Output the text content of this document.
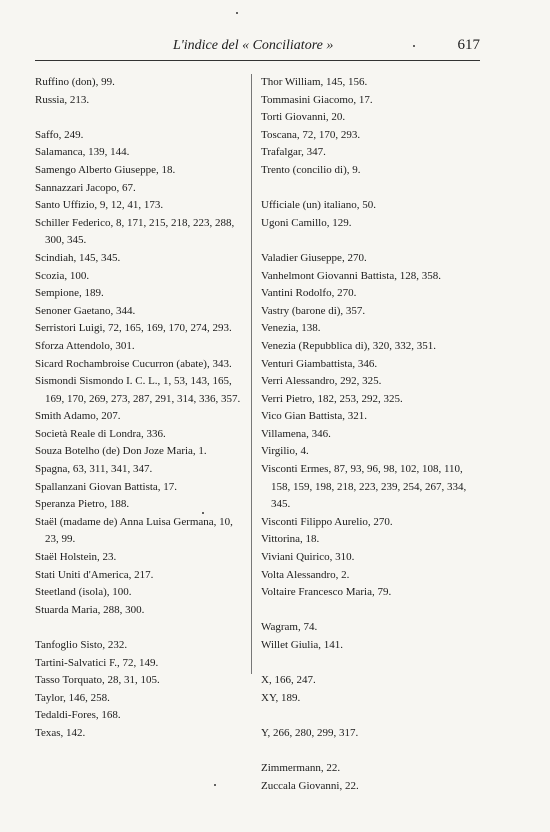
L'indice del « Conciliatore »	617
Ruffino (don), 99.
Russia, 213.
Saffo, 249.
Salamanca, 139, 144.
Samengo Alberto Giuseppe, 18.
Sannazzari Jacopo, 67.
Santo Uffizio, 9, 12, 41, 173.
Schiller Federico, 8, 171, 215, 218, 223, 288, 300, 345.
Scindiah, 145, 345.
Scozia, 100.
Sempione, 189.
Senoner Gaetano, 344.
Serristori Luigi, 72, 165, 169, 170, 274, 293.
Sforza Attendolo, 301.
Sicard Rochambroise Cucurron (abate), 343.
Sismondi Sismondo I. C. L., 1, 53, 143, 165, 169, 170, 269, 273, 287, 291, 314, 336, 357.
Smith Adamo, 207.
Società Reale di Londra, 336.
Souza Botelho (de) Don Joze Maria, 1.
Spagna, 63, 311, 341, 347.
Spallanzani Giovan Battista, 17.
Speranza Pietro, 188.
Staël (madame de) Anna Luisa Germana, 10, 23, 99.
Staël Holstein, 23.
Stati Uniti d'America, 217.
Steetland (isola), 100.
Stuarda Maria, 288, 300.
Tanfoglio Sisto, 232.
Tartini-Salvatici F., 72, 149.
Tasso Torquato, 28, 31, 105.
Taylor, 146, 258.
Tedaldi-Fores, 168.
Texas, 142.
Thor William, 145, 156.
Tommasini Giacomo, 17.
Torti Giovanni, 20.
Toscana, 72, 170, 293.
Trafalgar, 347.
Trento (concilio di), 9.
Ufficiale (un) italiano, 50.
Ugoni Camillo, 129.
Valadier Giuseppe, 270.
Vanhelmont Giovanni Battista, 128, 358.
Vantini Rodolfo, 270.
Vastry (barone di), 357.
Venezia, 138.
Venezia (Repubblica di), 320, 332, 351.
Venturi Giambattista, 346.
Verri Alessandro, 292, 325.
Verri Pietro, 182, 253, 292, 325.
Vico Gian Battista, 321.
Villamena, 346.
Virgilio, 4.
Visconti Ermes, 87, 93, 96, 98, 102, 108, 110, 158, 159, 198, 218, 223, 239, 254, 267, 334, 345.
Visconti Filippo Aurelio, 270.
Vittorina, 18.
Viviani Quirico, 310.
Volta Alessandro, 2.
Voltaire Francesco Maria, 79.
Wagram, 74.
Willet Giulia, 141.
X, 166, 247.
XY, 189.
Y, 266, 280, 299, 317.
Zimmermann, 22.
Zuccala Giovanni, 22.
